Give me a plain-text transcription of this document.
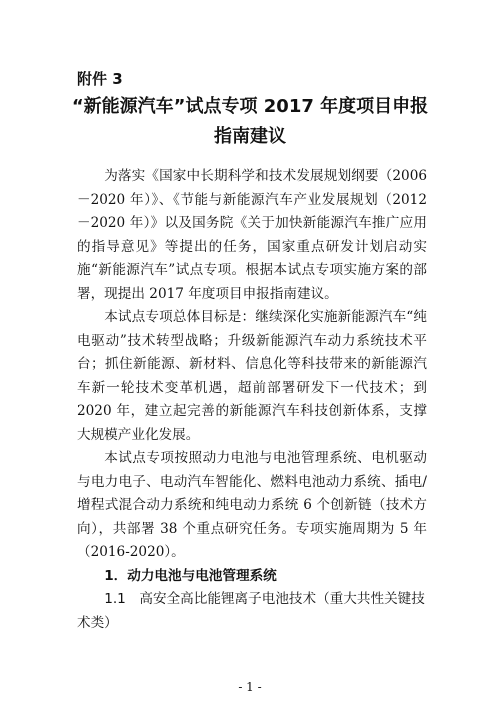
附件 3
“新能源汽车”试点专项 2017 年度项目申报指南建议

为落实《国家中长期科学和技术发展规划纲要（2006－2020 年）》、《节能与新能源汽车产业发展规划（2012－2020 年）》以及国务院《关于加快新能源汽车推广应用的指导意见》等提出的任务，国家重点研发计划启动实施“新能源汽车”试点专项。根据本试点专项实施方案的部署，现提出 2017 年度项目申报指南建议。

本试点专项总体目标是：继续深化实施新能源汽车“纯电驱动”技术转型战略；升级新能源汽车动力系统技术平台；抓住新能源、新材料、信息化等科技带来的新能源汽车新一轮技术变革机遇，超前部署研发下一代技术；到 2020 年，建立起完善的新能源汽车科技创新体系，支撑大规模产业化发展。

本试点专项按照动力电池与电池管理系统、电机驱动与电力电子、电动汽车智能化、燃料电池动力系统、插电/增程式混合动力系统和纯电动力系统 6 个创新链（技术方向），共部署 38 个重点研究任务。专项实施周期为 5 年（2016-2020）。

1．动力电池与电池管理系统

1.1　高安全高比能锂离子电池技术（重大共性关键技术类）

- 1 -
